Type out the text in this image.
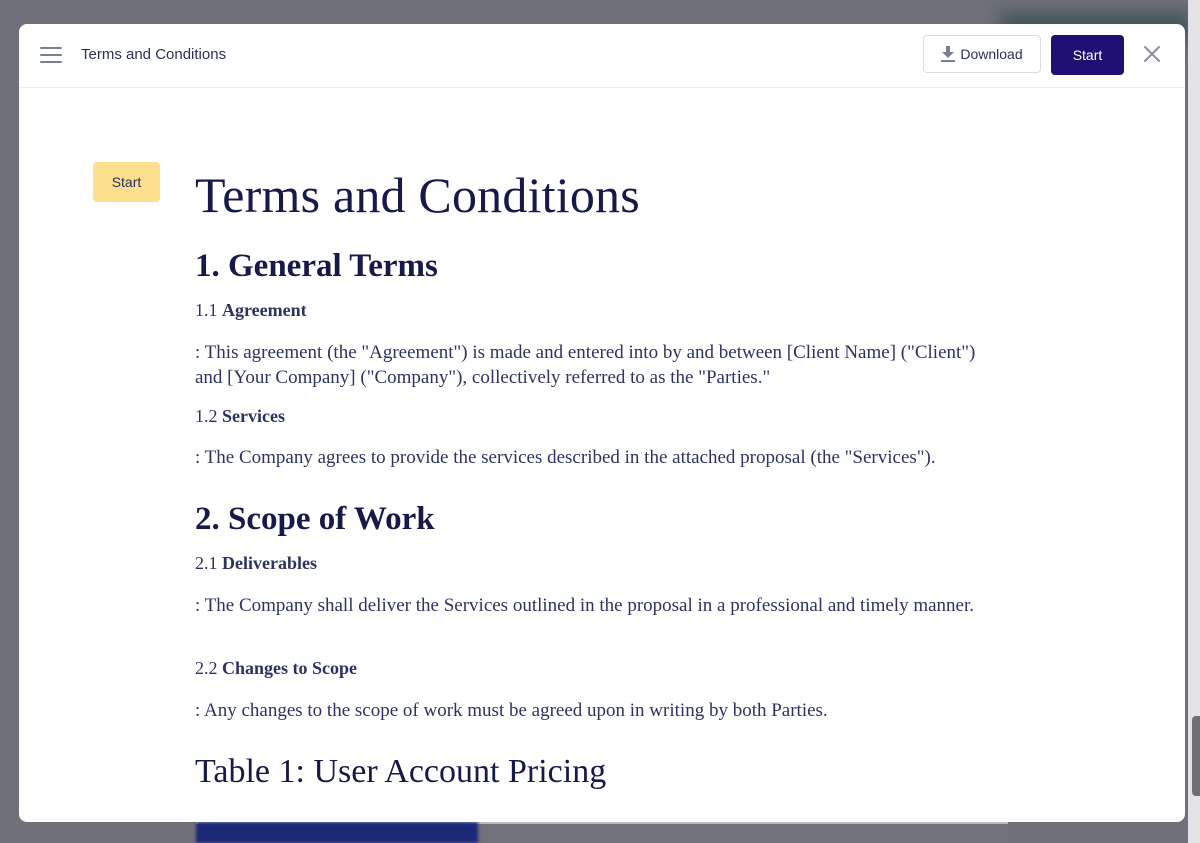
Terms and Conditions	Download	Start
Start	Terms and Conditions
1. General Terms
1.1 Agreement

: This agreement (the "Agreement") is made and entered into by and between [Client Name] ("Client") and [Your Company] ("Company"), collectively referred to as the "Parties."

1.2 Services

: The Company agrees to provide the services described in the attached proposal (the "Services").

2. Scope of Work
2.1 Deliverables

: The Company shall deliver the Services outlined in the proposal in a professional and timely manner.

2.2 Changes to Scope

: Any changes to the scope of work must be agreed upon in writing by both Parties.

Table 1: User Account Pricing
